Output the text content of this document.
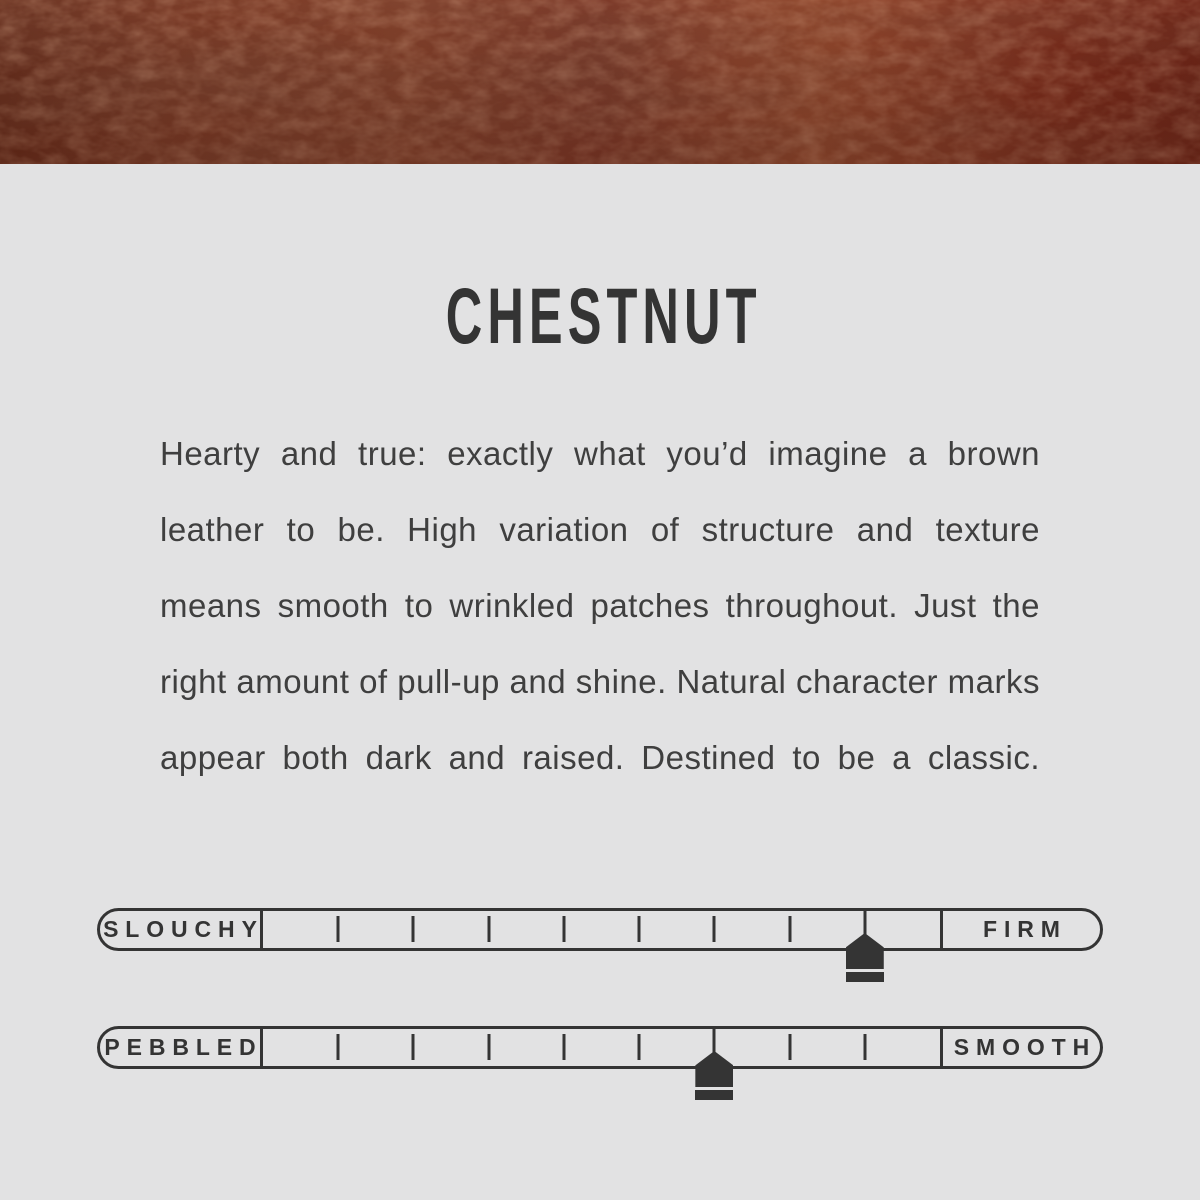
CHESTNUT
Hearty and true: exactly what you’d imagine a brown
leather to be. High variation of structure and texture
means smooth to wrinkled patches throughout. Just the
right amount of pull-up and shine. Natural character marks
appear both dark and raised. Destined to be a classic.
SLOUCHY	FIRM
PEBBLED	SMOOTH
